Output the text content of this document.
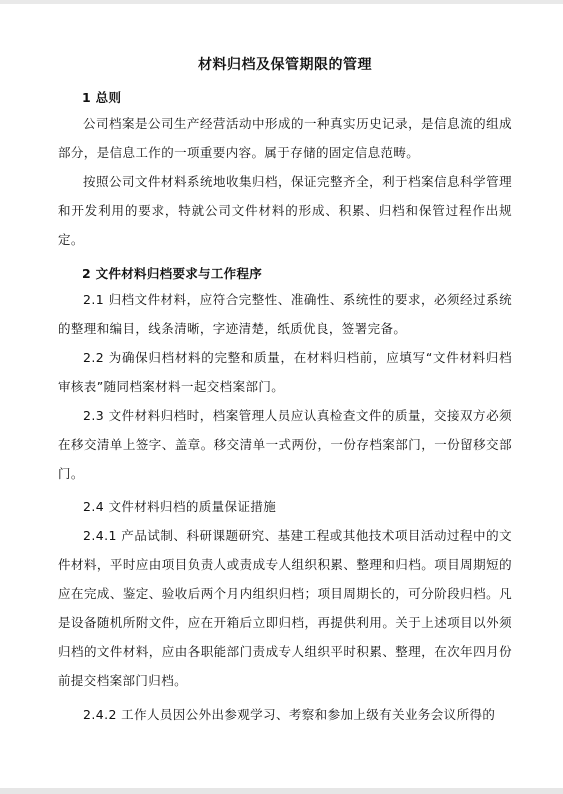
材料归档及保管期限的管理
1 总则

公司档案是公司生产经营活动中形成的一种真实历史记录，是信息流的组成部分，是信息工作的一项重要内容。属于存储的固定信息范畴。

按照公司文件材料系统地收集归档，保证完整齐全，利于档案信息科学管理和开发利用的要求，特就公司文件材料的形成、积累、归档和保管过程作出规定。

2 文件材料归档要求与工作程序

2.1 归档文件材料，应符合完整性、准确性、系统性的要求，必须经过系统的整理和编目，线条清晰，字迹清楚，纸质优良，签署完备。

2.2 为确保归档材料的完整和质量，在材料归档前，应填写“文件材料归档审核表”随同档案材料一起交档案部门。

2.3 文件材料归档时，档案管理人员应认真检查文件的质量，交接双方必须在移交清单上签字、盖章。移交清单一式两份，一份存档案部门，一份留移交部门。

2.4 文件材料归档的质量保证措施

2.4.1 产品试制、科研课题研究、基建工程或其他技术项目活动过程中的文件材料，平时应由项目负责人或责成专人组织积累、整理和归档。项目周期短的应在完成、鉴定、验收后两个月内组织归档；项目周期长的，可分阶段归档。凡是设备随机所附文件，应在开箱后立即归档，再提供利用。关于上述项目以外须归档的文件材料，应由各职能部门责成专人组织平时积累、整理，在次年四月份前提交档案部门归档。

2.4.2 工作人员因公外出参观学习、考察和参加上级有关业务会议所得的
